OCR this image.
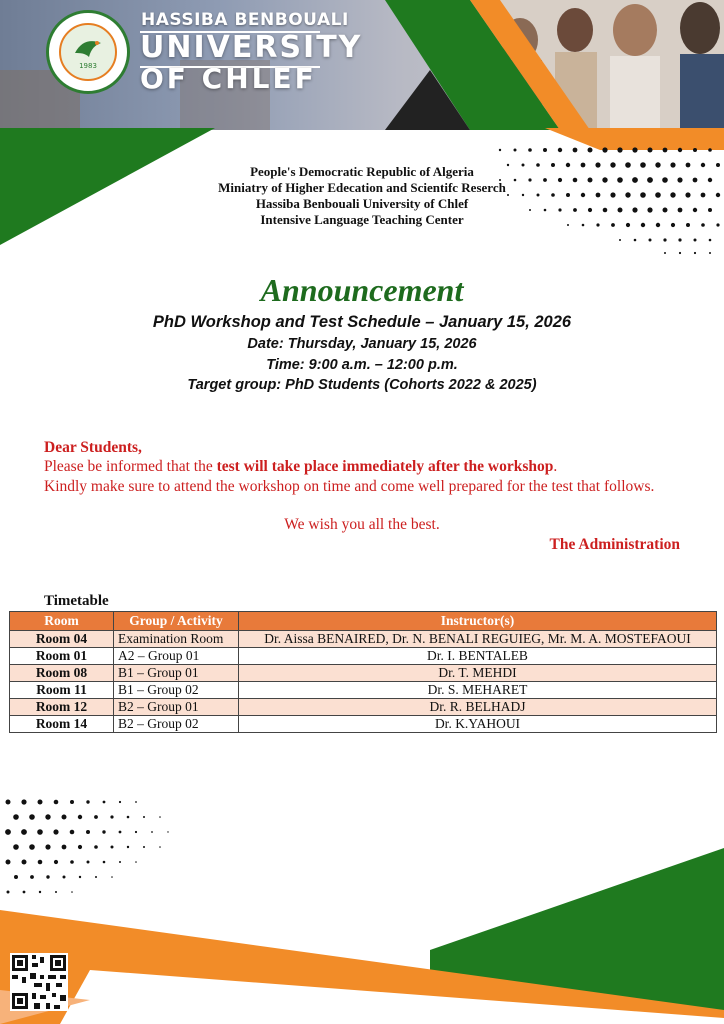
1983
HASSIBA BENBOUALI
UNIVERSITY
OF CHLEF
People's Democratic Republic of Algeria
Miniatry of Higher Edecation and Scientifc Reserch
Hassiba Benbouali University of Chlef
Intensive Language Teaching Center
Announcement
PhD Workshop and Test Schedule – January 15, 2026
Date: Thursday, January 15, 2026
Time: 9:00 a.m. – 12:00 p.m.
Target group: PhD Students (Cohorts 2022 & 2025)
Dear Students,
Please be informed that the test will take place immediately after the workshop.
Kindly make sure to attend the workshop on time and come well prepared for the test that follows.
We wish you all the best.
The Administration
Timetable
Room	Group / Activity	Instructor(s)
Room 04	Examination Room	Dr. Aissa BENAIRED, Dr. N. BENALI REGUIEG, Mr. M. A. MOSTEFAOUI
Room 01	A2 – Group 01	Dr. I. BENTALEB
Room 08	B1 – Group 01	Dr. T. MEHDI
Room 11	B1 – Group 02	Dr. S. MEHARET
Room 12	B2 – Group 01	Dr. R. BELHADJ
Room 14	B2 – Group 02	Dr. K.YAHOUI
